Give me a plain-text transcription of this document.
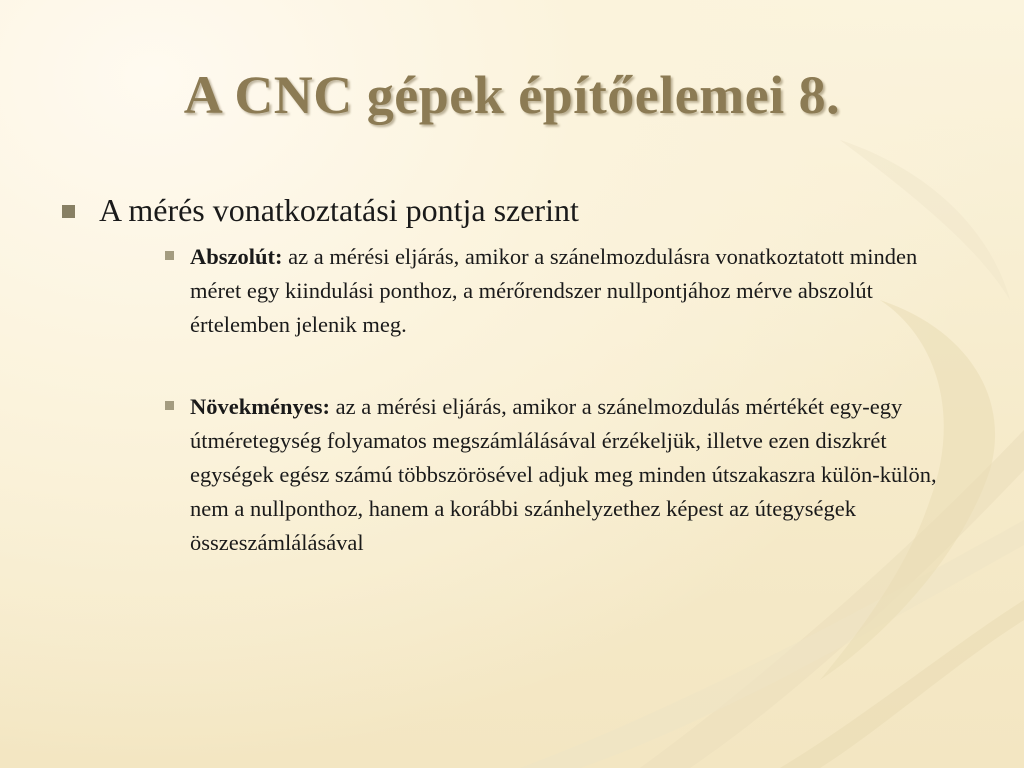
A CNC gépek építőelemei 8.
A mérés vonatkoztatási pontja szerint
Abszolút: az a mérési eljárás, amikor a szánelmozdulásra vonatkoztatott minden méret egy kiindulási ponthoz, a mérőrendszer nullpontjához mérve abszolút értelemben jelenik meg.
Növekményes: az a mérési eljárás, amikor a szánelmozdulás mértékét egy-egy útméretegység folyamatos megszámlálásával érzékeljük, illetve ezen diszkrét egységek egész számú többszörösével adjuk meg minden útszakaszra külön-külön, nem a nullponthoz, hanem a korábbi szánhelyzethez képest az útegységek összeszámlálásával
